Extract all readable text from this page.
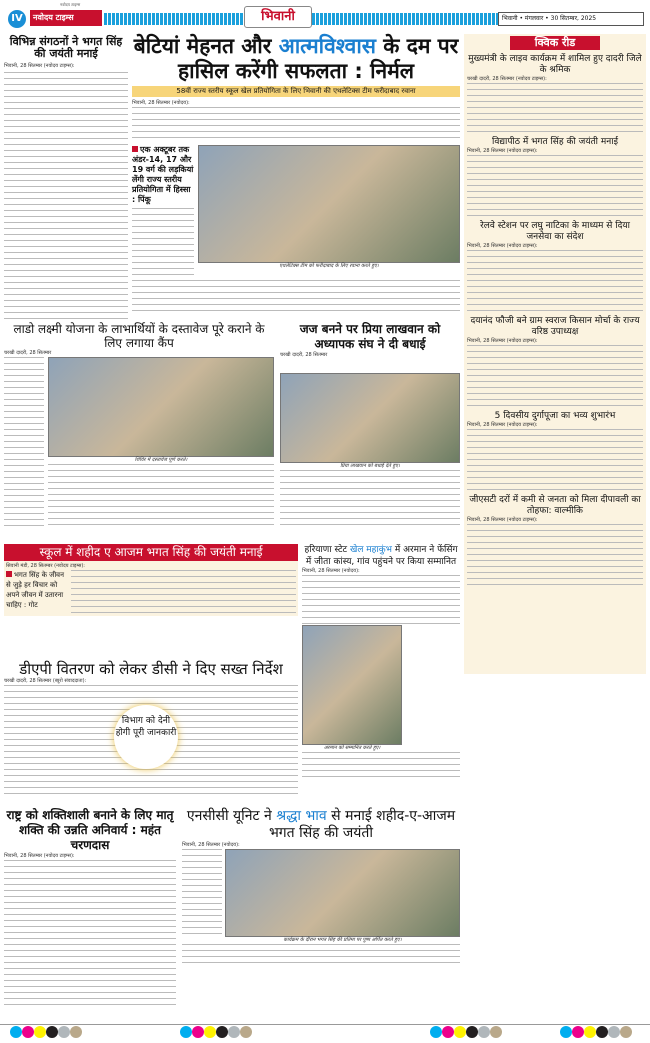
IV	नवोदय टाइम्स
नवोदय टाइम्स
भिवानी	भिवानी • मंगलवार • 30 सितम्बर, 2025
विभिन्न संगठनों ने भगत सिंह की जयंती मनाई
भिवानी, 28 सितम्बर (नवोदय टाइम्स):
बेटियां मेहनत और आत्मविश्वास के दम पर हासिल करेंगी सफलता : निर्मल
58वीं राज्य स्तरीय स्कूल खेल प्रतियोगिता के लिए भिवानी की एथलेटिक्स टीम फरीदाबाद रवाना
भिवानी, 28 सितम्बर (नवोदय):
एक अक्टूबर तक अंडर-14, 17 और 19 वर्ग की लड़कियां लेंगी राज्य स्तरीय प्रतियोगिता में हिस्सा : पिंकू
एथलेटिक्स टीम को फरीदाबाद के लिए रवाना करते हुए।
क्विक रीड
मुख्यमंत्री के लाइव कार्यक्रम में शामिल हुए दादरी जिले के श्रमिक
चरखी दादरी, 28 सितम्बर (नवोदय टाइम्स):
विद्यापीठ में भगत सिंह की जयंती मनाई
भिवानी, 28 सितम्बर (नवोदय टाइम्स):
रेलवे स्टेशन पर लघु नाटिका के माध्यम से दिया जनसेवा का संदेश
भिवानी, 28 सितम्बर (नवोदय टाइम्स):
दयानंद फौजी बने ग्राम स्वराज किसान मोर्चा के राज्य वरिष्ठ उपाध्यक्ष
भिवानी, 28 सितम्बर (नवोदय टाइम्स):
5 दिवसीय दुर्गापूजा का भव्य शुभारंभ
भिवानी, 28 सितम्बर (नवोदय टाइम्स):
जीएसटी दरों में कमी से जनता को मिला दीपावली का तोहफा: वाल्मीकि
भिवानी, 28 सितम्बर (नवोदय टाइम्स):
लाडो लक्ष्मी योजना के लाभार्थियों के दस्तावेज पूरे कराने के लिए लगाया कैंप
चरखी दादरी, 28 सितम्बर
शिविर में दस्तावेज पूर्ण करते।
जज बनने पर प्रिया लाखवान को अध्यापक संघ ने दी बधाई
चरखी दादरी, 28 सितम्बर
प्रिया लाखवान को बधाई देते हुए।
स्कूल में शहीद ए आजम भगत सिंह की जयंती मनाई
सिवानी मंडी, 28 सितम्बर (नवोदय टाइम्स):
भगत सिंह के जीवन से जुड़े हर विचार को अपने जीवन में उतारना चाहिए : गोट
हरियाणा स्टेट खेल महाकुंभ में अरमान ने फेंसिंग में जीता कांस्य, गांव पहुंचने पर किया सम्मानित
भिवानी, 28 सितम्बर (नवोदय):
अरमान को सम्मानित करते हुए।
डीएपी वितरण को लेकर डीसी ने दिए सख्त निर्देश
चरखी दादरी, 28 सितम्बर (ब्यूरो संवाददाता):
विभाग को देनी होगी पूरी जानकारी
राष्ट्र को शक्तिशाली बनाने के लिए मातृ शक्ति की उन्नति अनिवार्य : महंत चरणदास
भिवानी, 28 सितम्बर (नवोदय टाइम्स):
एनसीसी यूनिट ने श्रद्धा भाव से मनाई शहीद-ए-आजम भगत सिंह की जयंती
भिवानी, 28 सितम्बर (नवोदय):
कार्यक्रम के दौरान भगत सिंह की प्रतिमा पर पुष्प अर्पित करते हुए।
